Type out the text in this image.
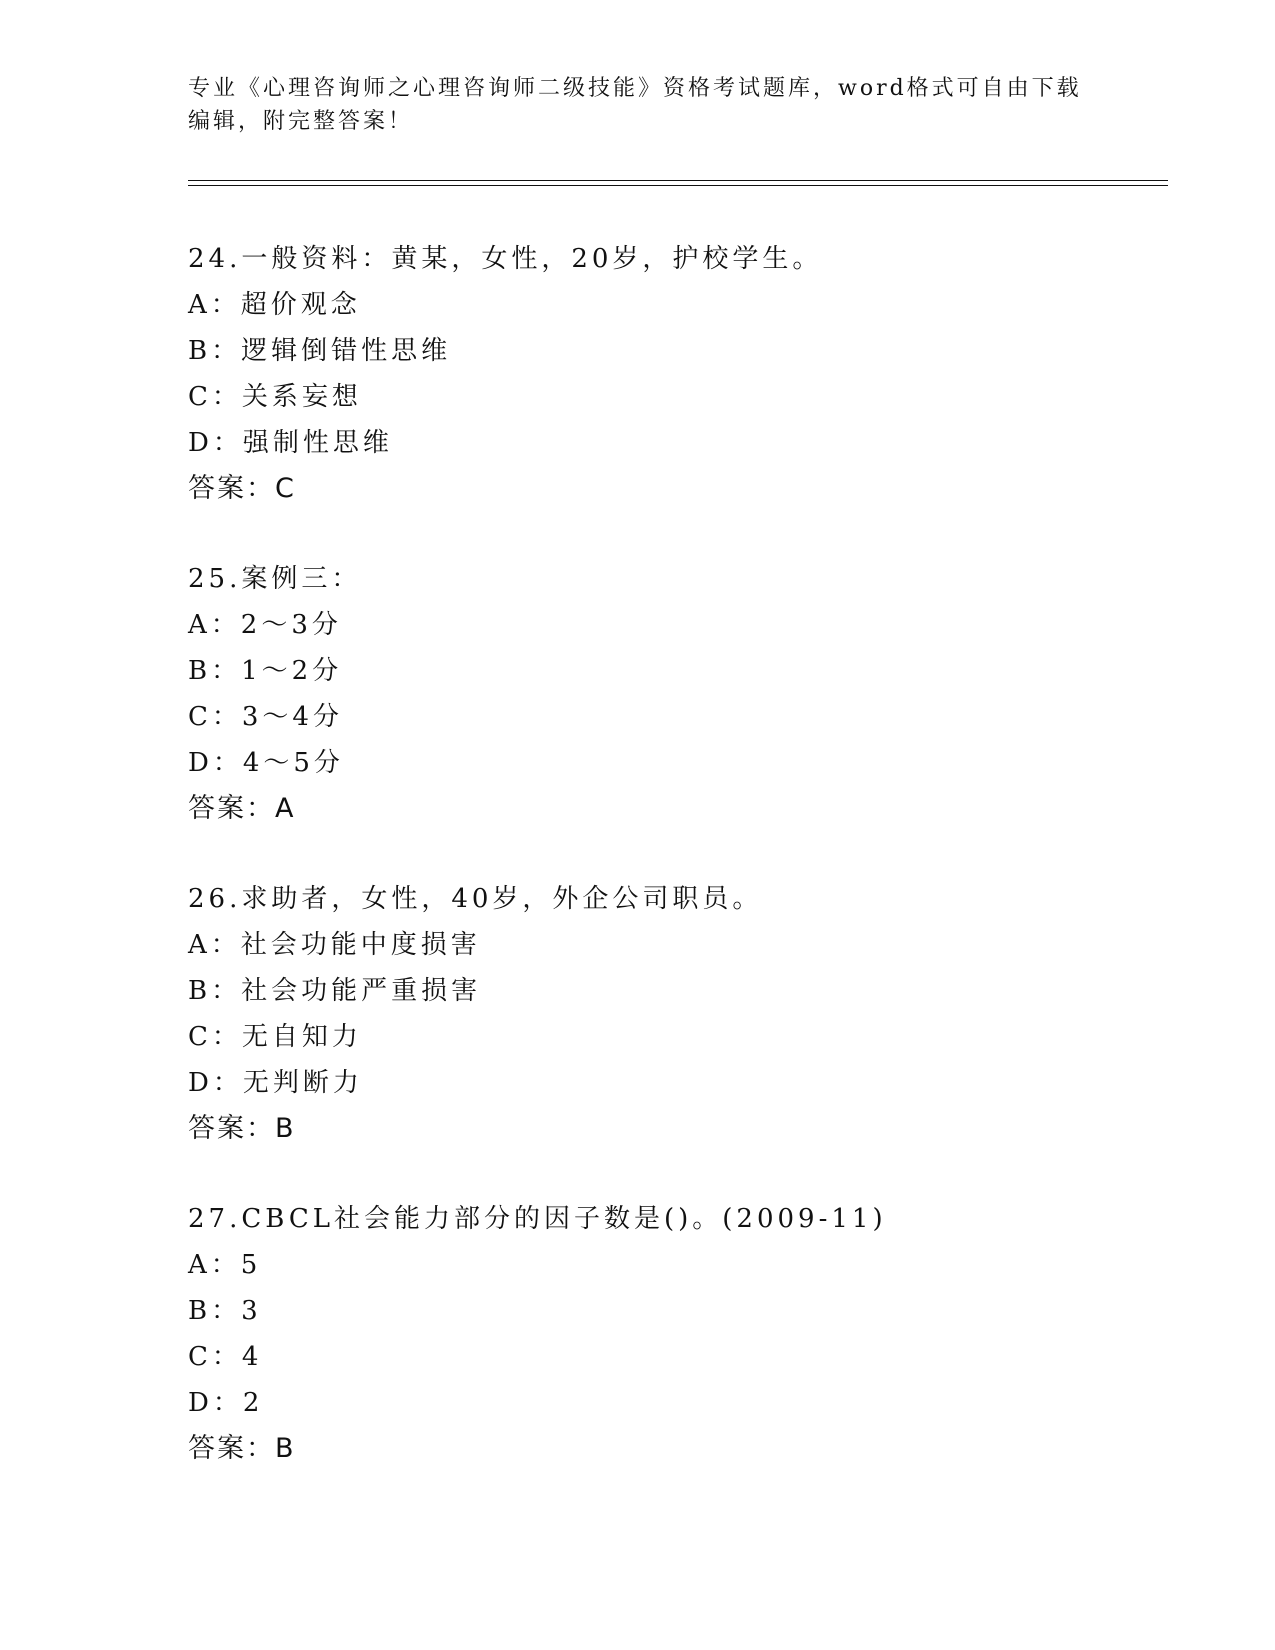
专业《心理咨询师之心理咨询师二级技能》资格考试题库，word格式可自由下载
编辑，附完整答案！
24.一般资料：黄某，女性，20岁，护校学生。
A：超价观念
B：逻辑倒错性思维
C：关系妄想
D：强制性思维
答案：C
25.案例三：
A：2～3分
B：1～2分
C：3～4分
D：4～5分
答案：A
26.求助者，女性，40岁，外企公司职员。
A：社会功能中度损害
B：社会功能严重损害
C：无自知力
D：无判断力
答案：B
27.CBCL社会能力部分的因子数是()。(2009-11)
A：5
B：3
C：4
D：2
答案：B
